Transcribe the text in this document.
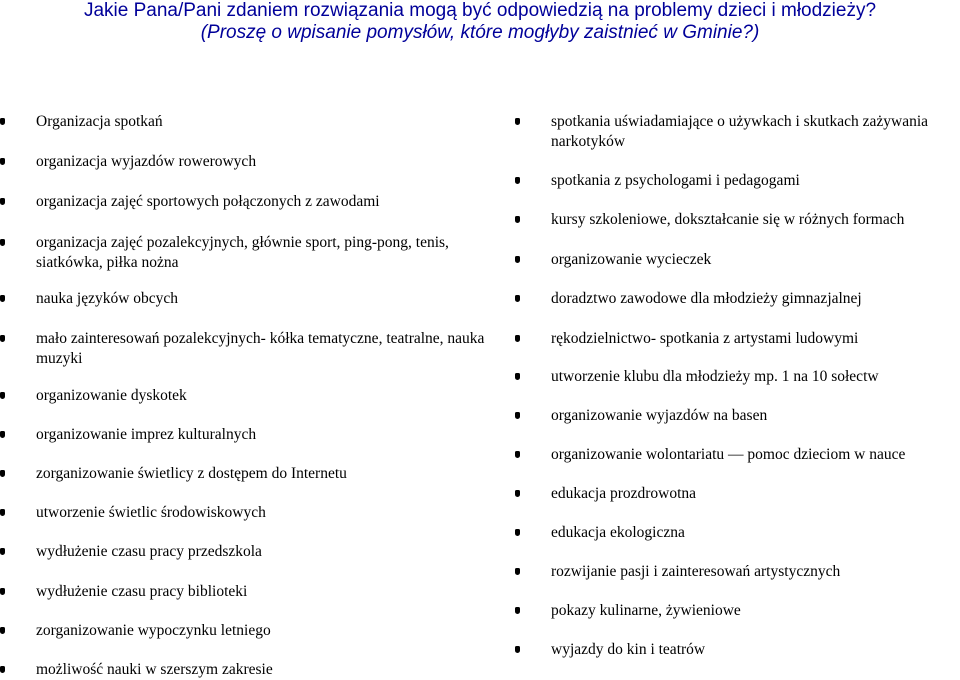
Jakie Pana/Pani zdaniem rozwiązania mogą być odpowiedzią na problemy dzieci i młodzieży?
(Proszę o wpisanie pomysłów, które mogłyby zaistnieć w Gminie?)
Organizacja spotkań
organizacja wyjazdów rowerowych
organizacja zajęć sportowych połączonych z zawodami
organizacja zajęć pozalekcyjnych, głównie sport, ping-pong, tenis, siatkówka, piłka nożna
nauka języków obcych
mało zainteresowań pozalekcyjnych- kółka tematyczne, teatralne, nauka muzyki
organizowanie dyskotek
organizowanie imprez kulturalnych
zorganizowanie świetlicy z dostępem do Internetu
utworzenie świetlic środowiskowych
wydłużenie czasu pracy przedszkola
wydłużenie czasu pracy biblioteki
zorganizowanie wypoczynku letniego
możliwość nauki w szerszym zakresie
spotkania uświadamiające o używkach i skutkach zażywania narkotyków
spotkania z psychologami i pedagogami
kursy szkoleniowe, dokształcanie się w różnych formach
organizowanie wycieczek
doradztwo zawodowe dla młodzieży gimnazjalnej
rękodzielnictwo- spotkania z artystami ludowymi
utworzenie klubu dla młodzieży mp. 1 na 10 sołectw
organizowanie wyjazdów na basen
organizowanie wolontariatu — pomoc dzieciom w nauce
edukacja prozdrowotna
edukacja ekologiczna
rozwijanie pasji i zainteresowań artystycznych
pokazy kulinarne, żywieniowe
wyjazdy do kin i teatrów
